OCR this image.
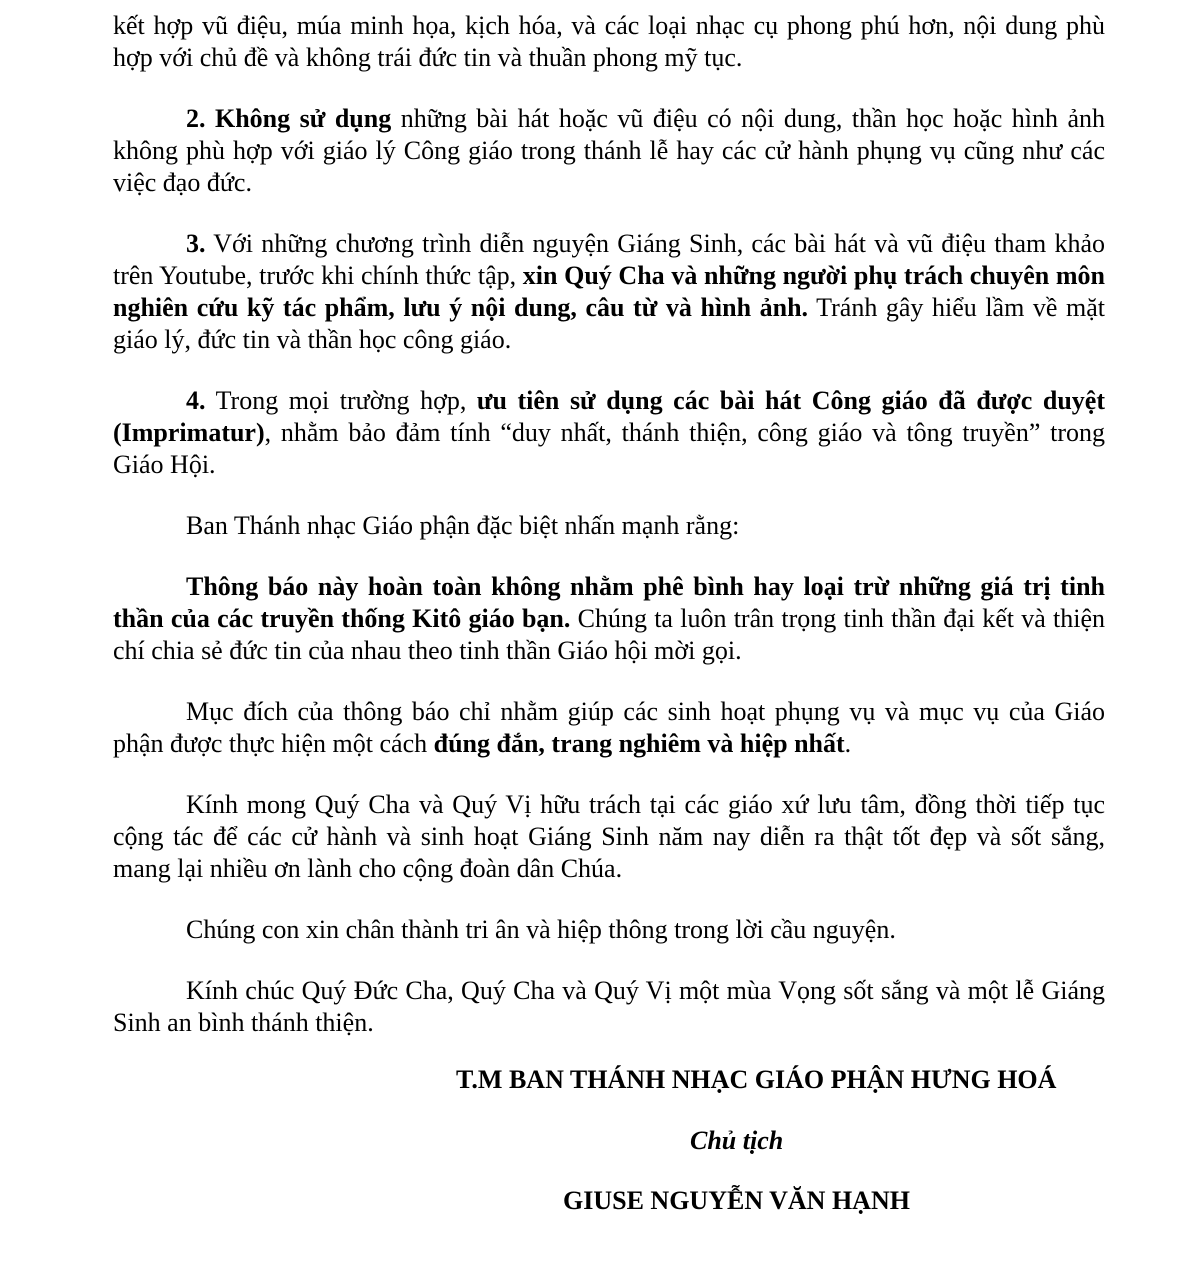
kết hợp vũ điệu, múa minh họa, kịch hóa, và các loại nhạc cụ phong phú hơn, nội dung phù hợp với chủ đề và không trái đức tin và thuần phong mỹ tục.

2. Không sử dụng những bài hát hoặc vũ điệu có nội dung, thần học hoặc hình ảnh không phù hợp với giáo lý Công giáo trong thánh lễ hay các cử hành phụng vụ cũng như các việc đạo đức.

3. Với những chương trình diễn nguyện Giáng Sinh, các bài hát và vũ điệu tham khảo trên Youtube, trước khi chính thức tập, xin Quý Cha và những người phụ trách chuyên môn nghiên cứu kỹ tác phẩm, lưu ý nội dung, câu từ và hình ảnh. Tránh gây hiểu lầm về mặt giáo lý, đức tin và thần học công giáo.

4. Trong mọi trường hợp, ưu tiên sử dụng các bài hát Công giáo đã được duyệt (Imprimatur), nhằm bảo đảm tính “duy nhất, thánh thiện, công giáo và tông truyền” trong Giáo Hội.

Ban Thánh nhạc Giáo phận đặc biệt nhấn mạnh rằng:

Thông báo này hoàn toàn không nhằm phê bình hay loại trừ những giá trị tinh thần của các truyền thống Kitô giáo bạn. Chúng ta luôn trân trọng tinh thần đại kết và thiện chí chia sẻ đức tin của nhau theo tinh thần Giáo hội mời gọi.

Mục đích của thông báo chỉ nhằm giúp các sinh hoạt phụng vụ và mục vụ của Giáo phận được thực hiện một cách đúng đắn, trang nghiêm và hiệp nhất.

Kính mong Quý Cha và Quý Vị hữu trách tại các giáo xứ lưu tâm, đồng thời tiếp tục cộng tác để các cử hành và sinh hoạt Giáng Sinh năm nay diễn ra thật tốt đẹp và sốt sắng, mang lại nhiều ơn lành cho cộng đoàn dân Chúa.

Chúng con xin chân thành tri ân và hiệp thông trong lời cầu nguyện.

Kính chúc Quý Đức Cha, Quý Cha và Quý Vị một mùa Vọng sốt sắng và một lễ Giáng Sinh an bình thánh thiện.

T.M BAN THÁNH NHẠC GIÁO PHẬN HƯNG HOÁ
Chủ tịch
GIUSE NGUYỄN VĂN HẠNH
